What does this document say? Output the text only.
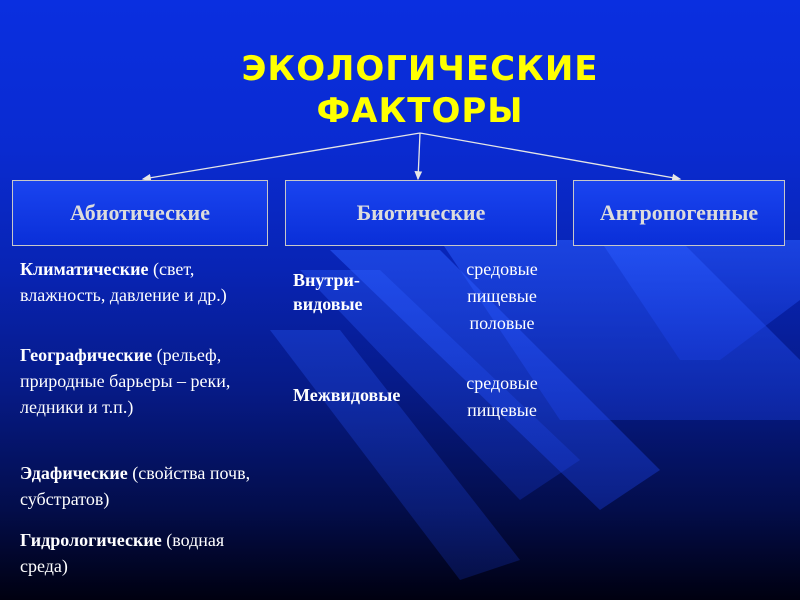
ЭКОЛОГИЧЕСКИЕ
ФАКТОРЫ
Абиотические	Биотические	Антропогенные
Климатические (свет, влажность, давление и др.)
Географические (рельеф, природные барьеры – реки, ледники и т.п.)
Эдафические (свойства почв, субстратов)
Гидрологические (водная среда)
Внутри-видовые
средовые
пищевые
половые
Межвидовые
средовые
пищевые
